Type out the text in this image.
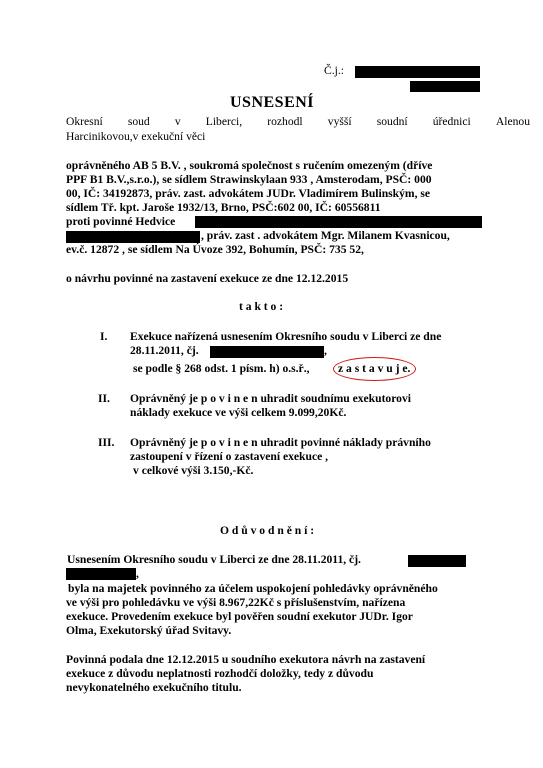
Č.j.:
USNESENÍ
Okresní soud v Liberci, rozhodl vyšší soudní úřednici Alenou
Harcinikovou,v exekuční věci
oprávněného AB 5 B.V. , soukromá společnost s ručením omezeným (dříve
PPF B1 B.V.,s.r.o.), se sídlem Strawinskylaan 933 , Amsterodam, PSČ: 000
00, IČ: 34192873, práv. zast. advokátem JUDr. Vladimírem Bulinským, se
sídlem Tř. kpt. Jaroše 1932/13, Brno, PSČ:602 00, IČ: 60556811
proti povinné Hedvice
, práv. zast . advokátem Mgr. Milanem Kvasnicou,
ev.č. 12872 , se sídlem Na Úvoze 392, Bohumín, PSČ: 735 52,
o návrhu povinné na zastavení exekuce ze dne 12.12.2015
t a k t o :
I. Exekuce nařízená usnesením Okresního soudu v Liberci ze dne
28.11.2011, čj.	,
se podle § 268 odst. 1 písm. h) o.s.ř., z a s t a v u j e.
II. Oprávněný je p o v i n e n uhradit soudnímu exekutorovi
náklady exekuce ve výši celkem 9.099,20Kč.
III. Oprávněný je p o v i n e n uhradit povinné náklady právního
zastoupení v řízení o zastavení exekuce ,
v celkové výši 3.150,-Kč.
O d ů v o d n ě n í :
Usnesením Okresního soudu v Liberci ze dne 28.11.2011, čj.
,
byla na majetek povinného za účelem uspokojení pohledávky oprávněného
ve výši pro pohledávku ve výši 8.967,22Kč s příslušenstvím, nařízena
exekuce. Provedením exekuce byl pověřen soudní exekutor JUDr. Igor
Olma, Exekutorský úřad Svitavy.
Povinná podala dne 12.12.2015 u soudního exekutora návrh na zastavení
exekuce z důvodu neplatnosti rozhodčí doložky, tedy z důvodu
nevykonatelného exekučního titulu.
